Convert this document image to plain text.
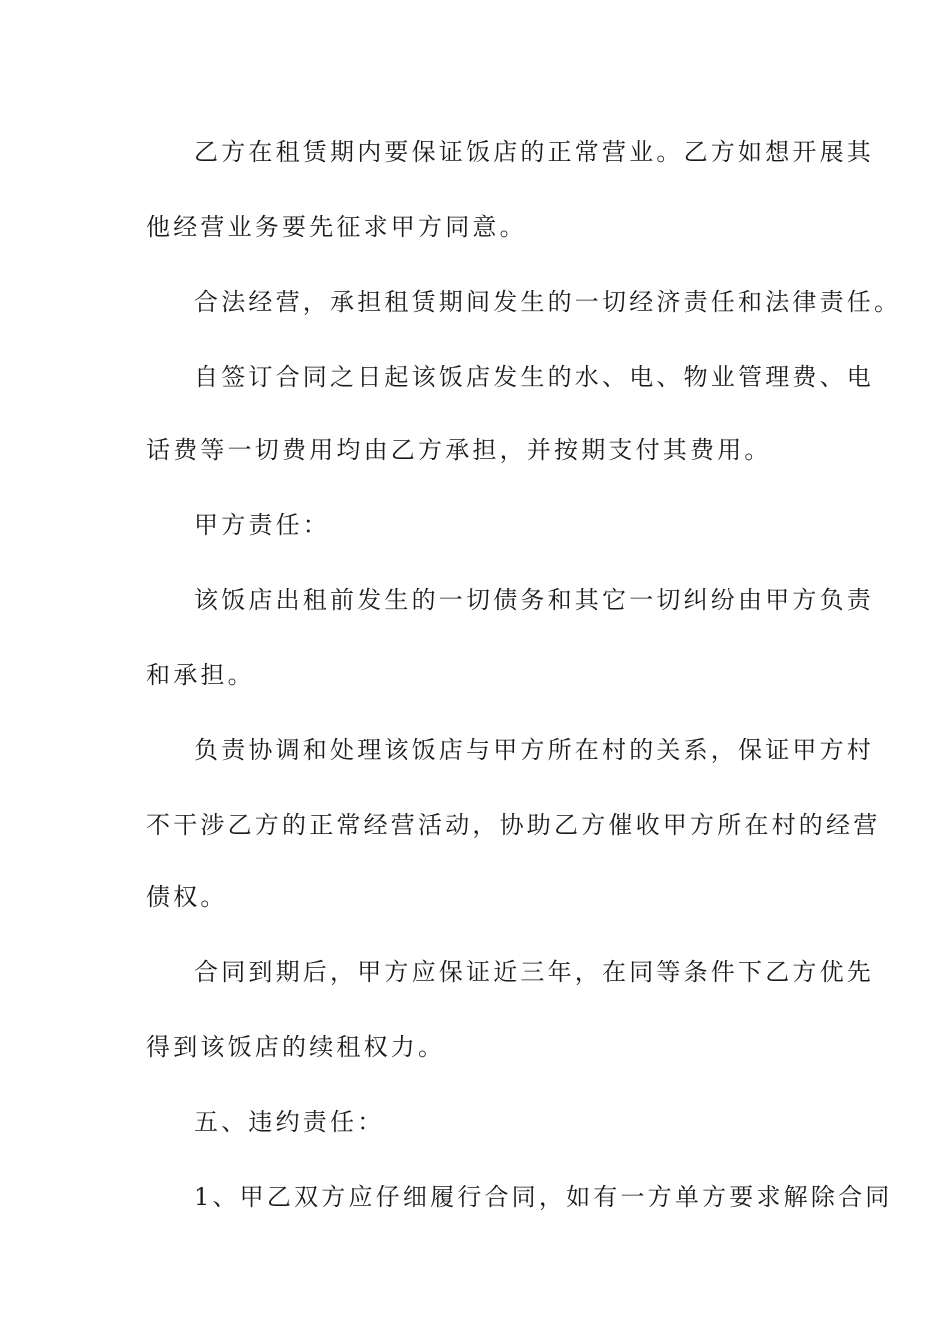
乙方在租赁期内要保证饭店的正常营业。乙方如想开展其
他经营业务要先征求甲方同意。
合法经营，承担租赁期间发生的一切经济责任和法律责任。
自签订合同之日起该饭店发生的水、电、物业管理费、电
话费等一切费用均由乙方承担，并按期支付其费用。
甲方责任：
该饭店出租前发生的一切债务和其它一切纠纷由甲方负责
和承担。
负责协调和处理该饭店与甲方所在村的关系，保证甲方村
不干涉乙方的正常经营活动，协助乙方催收甲方所在村的经营
债权。
合同到期后，甲方应保证近三年，在同等条件下乙方优先
得到该饭店的续租权力。
五、违约责任：
1、甲乙双方应仔细履行合同，如有一方单方要求解除合同
